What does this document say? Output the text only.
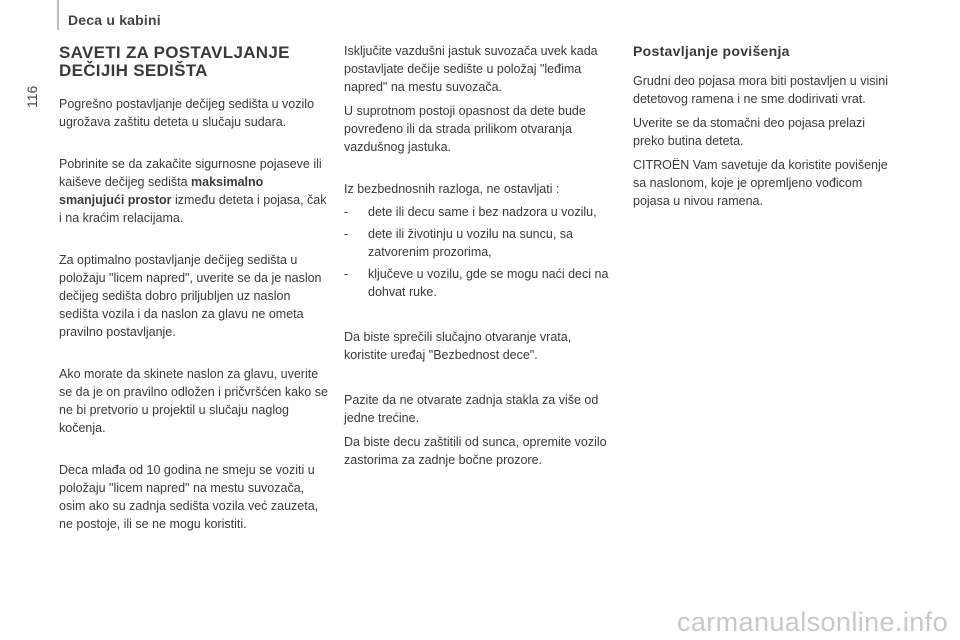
Deca u kabini
116
SAVETI ZA POSTAVLJANJE
DEČIJIH SEDIŠTA

Pogrešno postavljanje dečijeg sedišta u vozilo ugrožava zaštitu deteta u slučaju sudara.

Pobrinite se da zakačite sigurnosne pojaseve ili kaiševe dečijeg sedišta maksimalno smanjujući prostor između deteta i pojasa, čak i na kraćim relacijama.

Za optimalno postavljanje dečijeg sedišta u položaju "licem napred", uverite se da je naslon dečijeg sedišta dobro priljubljen uz naslon sedišta vozila i da naslon za glavu ne ometa pravilno postavljanje.

Ako morate da skinete naslon za glavu, uverite se da je on pravilno odložen i pričvršćen kako se ne bi pretvorio u projektil u slučaju naglog kočenja.

Deca mlađa od 10 godina ne smeju se voziti u položaju "licem napred" na mestu suvozača, osim ako su zadnja sedišta vozila već zauzeta, ne postoje, ili se ne mogu koristiti.

Isključite vazdušni jastuk suvozača uvek kada postavljate dečije sedište u položaj "leđima napred" na mestu suvozača.

U suprotnom postoji opasnost da dete bude povređeno ili da strada prilikom otvaranja vazdušnog jastuka.

Iz bezbednosnih razloga, ne ostavljati :

- dete ili decu same i bez nadzora u vozilu,
- dete ili životinju u vozilu na suncu, sa zatvorenim prozorima,
- ključeve u vozilu, gde se mogu naći deci na dohvat ruke.

Da biste sprečili slučajno otvaranje vrata, koristite uređaj "Bezbednost dece".

Pazite da ne otvarate zadnja stakla za više od jedne trećine.

Da biste decu zaštitili od sunca, opremite vozilo zastorima za zadnje bočne prozore.

Postavljanje povišenja

Grudni deo pojasa mora biti postavljen u visini detetovog ramena i ne sme dodirivati vrat.

Uverite se da stomačni deo pojasa prelazi preko butina deteta.

CITROËN Vam savetuje da koristite povišenje sa naslonom, koje je opremljeno vođicom pojasa u nivou ramena.

carmanualsonline.info
